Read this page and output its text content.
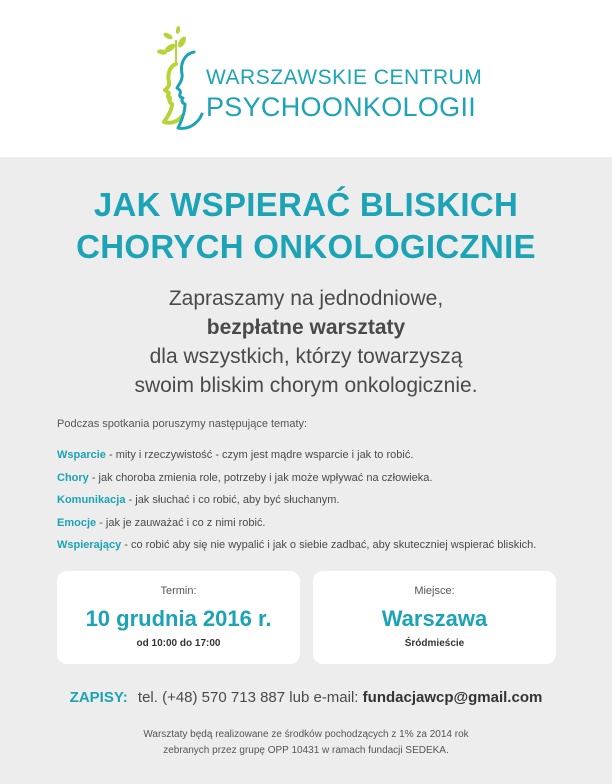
WARSZAWSKIE CENTRUM
PSYCHOONKOLOGII
JAK WSPIERAĆ BLISKICH
CHORYCH ONKOLOGICZNIE
Zapraszamy na jednodniowe,
bezpłatne warsztaty
dla wszystkich, którzy towarzyszą
swoim bliskim chorym onkologicznie.
Podczas spotkania poruszymy następujące tematy:
Wsparcie - mity i rzeczywistość - czym jest mądre wsparcie i jak to robić.
Chory - jak choroba zmienia role, potrzeby i jak może wpływać na człowieka.
Komunikacja - jak słuchać i co robić, aby być słuchanym.
Emocje - jak je zauważać i co z nimi robić.
Wspierający - co robić aby się nie wypalić i jak o siebie zadbać, aby skuteczniej wspierać bliskich.
Termin:
10 grudnia 2016 r.
od 10:00 do 17:00
Miejsce:
Warszawa
Śródmieście
ZAPISY: tel. (+48) 570 713 887 lub e-mail: fundacjawcp@gmail.com
Warsztaty będą realizowane ze środków pochodzących z 1% za 2014 rok
zebranych przez grupę OPP 10431 w ramach fundacji SEDEKA.
